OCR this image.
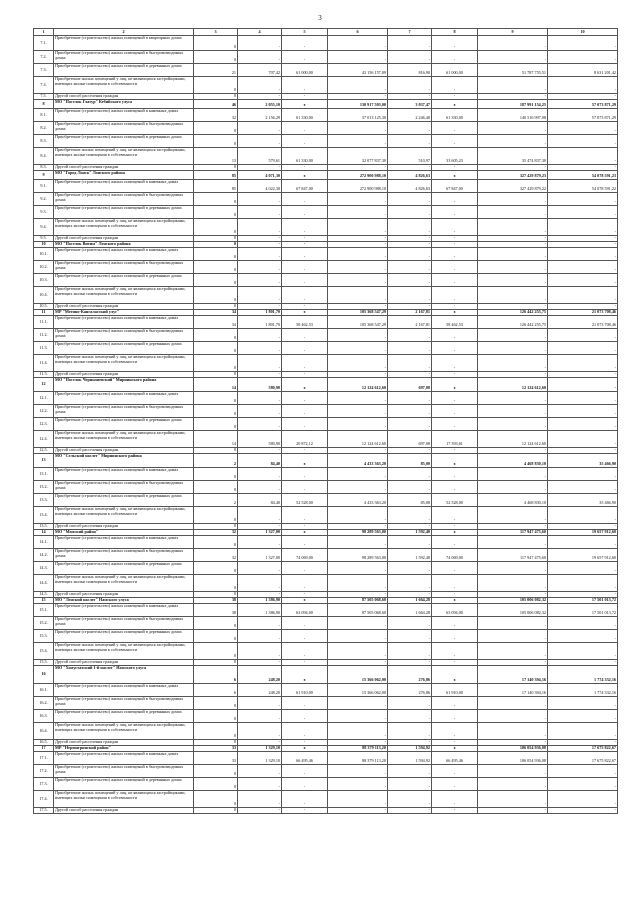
3
1	2	3	4	5	6	7	8	9	10
7.1.	Приобретение (строительство) жилых помещений в квартирных домах	0	-	-	-	-	-	-	-
7.2.	Приобретение (строительство) жилых помещений в быстровозводимых домах	0	-	-	-	-	-	-	-
7.3.	Приобретение (строительство) жилых помещений в деревянных домах	21	707,42	61 000,00	43 156 157,09	816,90	61 000,00	51 787 755,51	8 631 201,42
7.4.	Приобретение жилых помещений у лиц, не являющихся застройщиками, имеющих жилые помещения в собственности	0	-	-	-	-	-	-	-
7.5.	Другой способ расселения граждан	0	-	-	-	-	-	-	-
8	МО "Поселок Глатур" Кебийского улуса	46	2 055,10	x	130 917 503,00	3 037,47	x	187 991 154,25	57 073 871,29
8.1.	Приобретение (строительство) жилых помещений в каменных домах	32	2 156,29	61 330,00	37 013 125,30	2 246,40	61 330,00	140 516 997,08	57 073 871,29
8.2.	Приобретение (строительство) жилых помещений в быстровозводимых домах	0	-	-	-	-	-	-	-
8.3.	Приобретение (строительство) жилых помещений в деревянных домах	0	-	-	-	-	-	-	-
8.4.	Приобретение жилых помещений у лиц, не являющихся застройщиками, имеющих жилые помещения в собственности	13	579,61	61 330,00	32 077 837,30	510,97	33 605,23	35 474 837,30	-
8.5.	Другой способ расселения граждан	0	-	-	-	-	-	-	-
9	МО "Город Лонск" Лонского района	85	4 071,30	x	272 900 988,10	4 826,63	x	327 429 879,23	54 078 591,23
9.1.	Приобретение (строительство) жилых помещений в каменных домах	85	4 022,30	67 847,00	272 900 988,10	4 826,63	67 847,00	327 429 879,22	54 078 591,22
9.2.	Приобретение (строительство) жилых помещений в быстровозводимых домах	0	-	-	-	-	-	-	-
9.3.	Приобретение (строительство) жилых помещений в деревянных домах	0	-	-	-	-	-	-	-
9.4.	Приобретение жилых помещений у лиц, не являющихся застройщиками, имеющих жилые помещения в собственности	0	-	-	-	-	-	-	-
9.5.	Другой способ расселения граждан	0	-	-	-	-	-	-	-
10	МО "Поселок Витим" Ленского района	0	-	-	-	-	-	-	-
10.1.	Приобретение (строительство) жилых помещений в каменных домах	0	-	-	-	-	-	-	-
10.2.	Приобретение (строительство) жилых помещений в быстровозводимых домах	0	-	-	-	-	-	-	-
10.3.	Приобретение (строительство) жилых помещений в деревянных домах	0	-	-	-	-	-	-	-
10.4.	Приобретение жилых помещений у лиц, не являющихся застройщиками, имеющих жилые помещения в собственности	0	-	-	-	-	-	-	-
10.5.	Другой способ расселения граждан	0	-	-	-	-	-	-	-
11	МР "Мегино-Кангаласский улус"	34	1 801,70	x	105 368 547,29	2 167,81	x	126 442 255,75	21 073 708,46
11.1.	Приобретение (строительство) жилых помещений в каменных домах	34	1 801,70	58 462,53	105 368 547,29	2 167,81	58 462,53	126 442 255,75	21 073 708,46
11.2.	Приобретение (строительство) жилых помещений в быстровозводимых домах	0	-	-	-	-	-	-	-
11.3.	Приобретение (строительство) жилых помещений в деревянных домах	0	-	-	-	-	-	-	-
11.4.	Приобретение жилых помещений у лиц, не являющихся застройщиками, имеющих жилые помещения в собственности	0	-	-	-	-	-	-	-
11.5.	Другой способ расселения граждан	0	-	-	-	-	-	-	-
12	МО "Поселок Чернышевский" Мирнинского района	14	580,90	x	12 124 612,60	697,08	x	12 124 612,60	-
12.1.	Приобретение (строительство) жилых помещений в каменных домах	0	-	-	-	-	-	-	-
12.2.	Приобретение (строительство) жилых помещений в быстровозводимых домах	0	-	-	-	-	-	-	-
12.3.	Приобретение (строительство) жилых помещений в деревянных домах	0	-	-	-	-	-	-	-
12.4.	Приобретение жилых помещений у лиц, не являющихся застройщиками, имеющих жилые помещения в собственности	14	580,90	20 872,12	12 124 612,60	697,08	17 393,61	12 124 612,60	-
12.5.	Другой способ расселения граждан	0	-	-	-	-	-	-	-
13	МО "Сельский наслег" Мирнинского района	2	84,40	x	4 433 363,20	85,00	x	4 468 830,10	35 466,90
13.1.	Приобретение (строительство) жилых помещений в каменных домах	0	-	-	-	-	-	-	-
13.2.	Приобретение (строительство) жилых помещений в быстровозводимых домах	0	-	-	-	-	-	-	-
13.3.	Приобретение (строительство) жилых помещений в деревянных домах	2	84,40	52 528,00	4 433 363,20	85,08	52 528,00	4 468 830,10	35 466,90
13.4.	Приобретение жилых помещений у лиц, не являющихся застройщиками, имеющих жилые помещения в собственности	0	-	-	-	-	-	-	-
13.5.	Другой способ расселения граждан	0	-	-	-	-	-	-	-
14	МО "Момский район"	32	1 327,00	x	98 289 563,00	1 592,40	x	117 947 475,60	19 657 912,60
14.1.	Приобретение (строительство) жилых помещений в каменных домах	0	-	-	-	-	-	-	-
14.2.	Приобретение (строительство) жилых помещений в быстровозводимых домах	32	1 327,00	74 069,00	98 289 563,00	1 592,40	74 069,00	117 947 475,60	19 657 912,60
14.3.	Приобретение (строительство) жилых помещений в деревянных домах	0	-	-	-	-	-	-	-
14.4.	Приобретение жилых помещений у лиц, не являющихся застройщиками, имеющих жилые помещения в собственности	0	-	-	-	-	-	-	-
14.5.	Другой способ расселения граждан	0	-	-	-	-	-	-	-
15	МО "Ленский наслег" Намского улуса	38	1 386,90	x	87 505 068,60	1 664,28	x	105 006 082,32	17 501 013,72
15.1.	Приобретение (строительство) жилых помещений в каменных домах	38	1 386,90	63 094,00	87 505 068,60	1 664,28	63 094,00	105 006 082,32	17 501 013,72
15.2.	Приобретение (строительство) жилых помещений в быстровозводимых домах	0	-	-	-	-	-	-	-
15.3.	Приобретение (строительство) жилых помещений в деревянных домах	0	-	-	-	-	-	-	-
15.4.	Приобретение жилых помещений у лиц, не являющихся застройщиками, имеющих жилые помещения в собственности	0	-	-	-	-	-	-	-
15.5.	Другой способ расселения граждан	0	-	-	-	-	-	-	-
16	МО "Хомустахский 1-й наслег" Намского улуса	6	248,20	x	15 366 062,00	276,86	x	17 140 394,16	1 774 332,16
16.1.	Приобретение (строительство) жилых помещений в каменных домах	6	248,20	61 910,00	15 366 062,00	276,86	61 910,00	17 140 394,16	1 774 332,16
16.2.	Приобретение (строительство) жилых помещений в быстровозводимых домах	0	-	-	-	-	-	-	-
16.3.	Приобретение (строительство) жилых помещений в деревянных домах	0	-	-	-	-	-	-	-
16.4.	Приобретение жилых помещений у лиц, не являющихся застройщиками, имеющих жилые помещения в собственности	0	-	-	-	-	-	-	-
16.5.	Другой способ расселения граждан	0	-	-	-	-	-	-	-
17	МР "Нерюнгринский район"	33	1 329,10	x	88 379 113,20	1 594,92	x	106 054 936,08	17 675 822,67
17.1.	Приобретение (строительство) жилых помещений в каменных домах	33	1 329,10	66 495,46	88 379 113,20	1 594,92	66 495,46	106 054 936,08	17 675 822,67
17.2.	Приобретение (строительство) жилых помещений в быстровозводимых домах	0	-	-	-	-	-	-	-
17.3.	Приобретение (строительство) жилых помещений в деревянных домах	0	-	-	-	-	-	-	-
17.4.	Приобретение жилых помещений у лиц, не являющихся застройщиками, имеющих жилые помещения в собственности	0	-	-	-	-	-	-	-
17.5.	Другой способ расселения граждан	0	-	-	-	-	-	-	-
